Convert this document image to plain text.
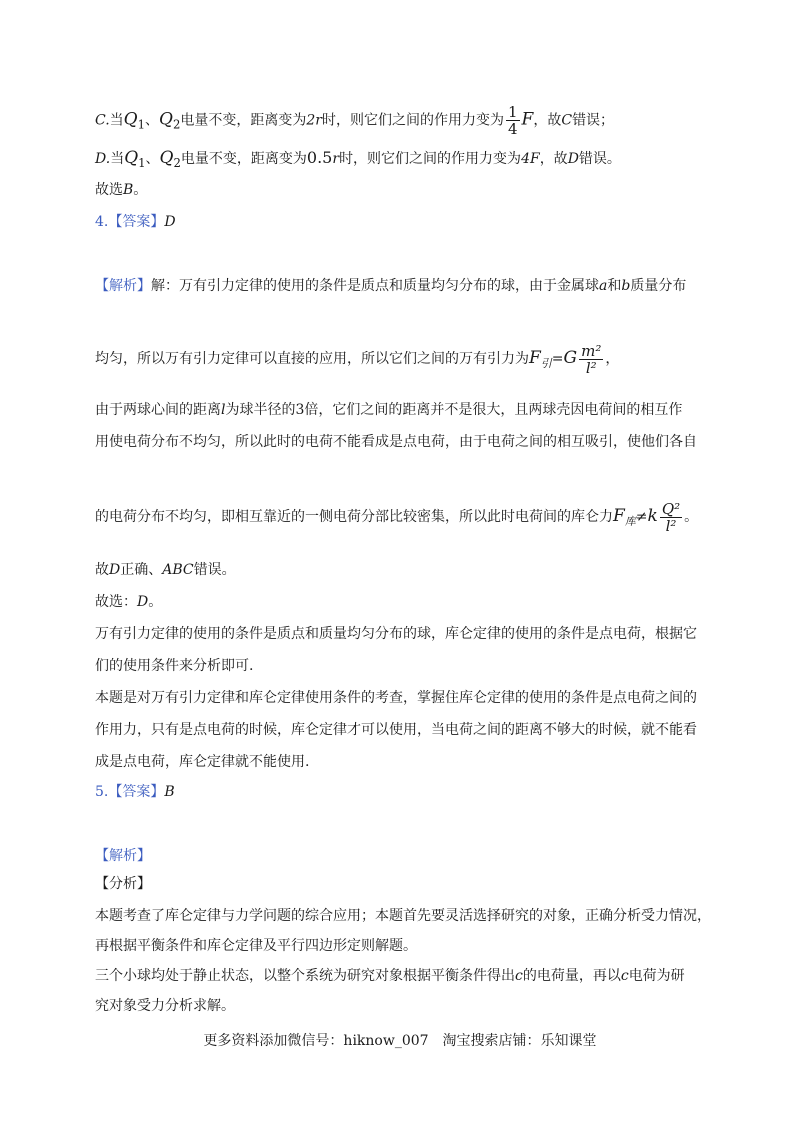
C.当$Q_1$、$Q_2$电量不变，距离变为2r时，则它们之间的作用力变为 $\frac{1}{4}$ F，故C错误；
D.当$Q_1$、$Q_2$电量不变，距离变为0.5r时，则它们之间的作用力变为4F，故D错误。
故选B。
4.【答案】D
【解析】解：万有引力定律的使用的条件是质点和质量均匀分布的球，由于金属球a和b质量分布
均匀，所以万有引力定律可以直接的应用，所以它们之间的万有引力为$F_引=G \frac{\text{m²}}{\text{l²}}$ ，
由于两球心间的距离l为球半径的3倍，它们之间的距离并不是很大，且两球壳因电荷间的相互作
用使电荷分布不均匀，所以此时的电荷不能看成是点电荷，由于电荷之间的相互吸引，使他们各自
的电荷分布不均匀，即相互靠近的一侧电荷分部比较密集，所以此时电荷间的库仑力$F_库\ne k \frac{\text{Q²}}{\text{l²}}$ 。
故D正确、ABC错误。
故选：D。
万有引力定律的使用的条件是质点和质量均匀分布的球，库仑定律的使用的条件是点电荷，根据它
们的使用条件来分析即可.
本题是对万有引力定律和库仑定律使用条件的考查，掌握住库仑定律的使用的条件是点电荷之间的
作用力，只有是点电荷的时候，库仑定律才可以使用，当电荷之间的距离不够大的时候，就不能看
成是点电荷，库仑定律就不能使用.
5.【答案】B
【解析】
【分析】
本题考查了库仑定律与力学问题的综合应用；本题首先要灵活选择研究的对象，正确分析受力情况，
再根据平衡条件和库仑定律及平行四边形定则解题。
三个小球均处于静止状态，以整个系统为研究对象根据平衡条件得出c的电荷量，再以c电荷为研
究对象受力分析求解。
更多资料添加微信号：hiknow_007　淘宝搜索店铺：乐知课堂
